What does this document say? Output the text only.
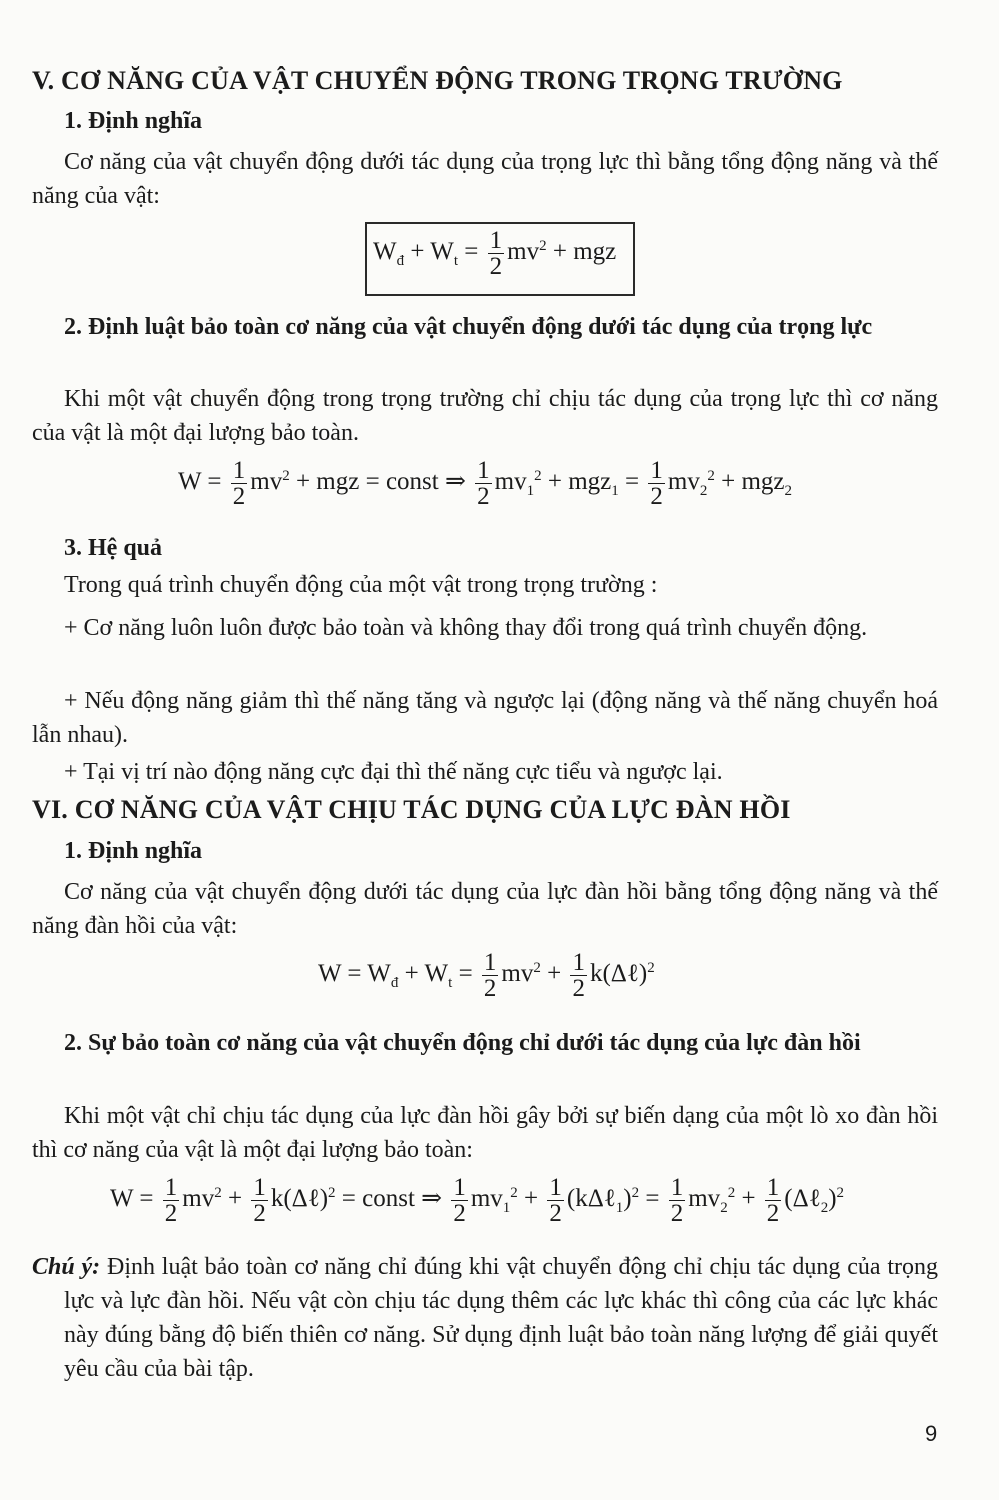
V. CƠ NĂNG CỦA VẬT CHUYỂN ĐỘNG TRONG TRỌNG TRƯỜNG
1. Định nghĩa
Cơ năng của vật chuyển động dưới tác dụng của trọng lực thì bằng tổng động năng và thế năng của vật:
$W_đ + W_t = \frac{1}{2} mv^2$ + mgz
2. Định luật bảo toàn cơ năng của vật chuyển động dưới tác dụng của trọng lực
Khi một vật chuyển động trong trọng trường chỉ chịu tác dụng của trọng lực thì cơ năng của vật là một đại lượng bảo toàn.
$W = \frac{1}{2} mv^2$ + mgz = const ⇒ $\frac{1}{2} mv_1^2 + mgz_1 = \frac{1}{2} mv_2^2 + mgz_2$
3. Hệ quả
Trong quá trình chuyển động của một vật trong trọng trường :
+ Cơ năng luôn luôn được bảo toàn và không thay đổi trong quá trình chuyển động.
+ Nếu động năng giảm thì thế năng tăng và ngược lại (động năng và thế năng chuyển hoá lẫn nhau).
+ Tại vị trí nào động năng cực đại thì thế năng cực tiểu và ngược lại.
VI. CƠ NĂNG CỦA VẬT CHỊU TÁC DỤNG CỦA LỰC ĐÀN HỒI
1. Định nghĩa
Cơ năng của vật chuyển động dưới tác dụng của lực đàn hồi bằng tổng động năng và thế năng đàn hồi của vật:
$W = W_đ + W_t = \frac{1}{2} mv^2 + \frac{1}{2}$ k(Δℓ)$^2$
2. Sự bảo toàn cơ năng của vật chuyển động chỉ dưới tác dụng của lực đàn hồi
Khi một vật chỉ chịu tác dụng của lực đàn hồi gây bởi sự biến dạng của một lò xo đàn hồi thì cơ năng của vật là một đại lượng bảo toàn:
$W = \frac{1}{2} mv^2 + \frac{1}{2}$ k(Δℓ)$^2$ = const ⇒ $\frac{1}{2} mv_1^2 + \frac{1}{2}$ (kΔℓ$_1$)$^2$ = $\frac{1}{2} mv_2^2 + \frac{1}{2}$ (Δℓ$_2$)$^2$
Chú ý: Định luật bảo toàn cơ năng chỉ đúng khi vật chuyển động chỉ chịu tác dụng của trọng lực và lực đàn hồi. Nếu vật còn chịu tác dụng thêm các lực khác thì công của các lực khác này đúng bằng độ biến thiên cơ năng. Sử dụng định luật bảo toàn năng lượng để giải quyết yêu cầu của bài tập.
9
